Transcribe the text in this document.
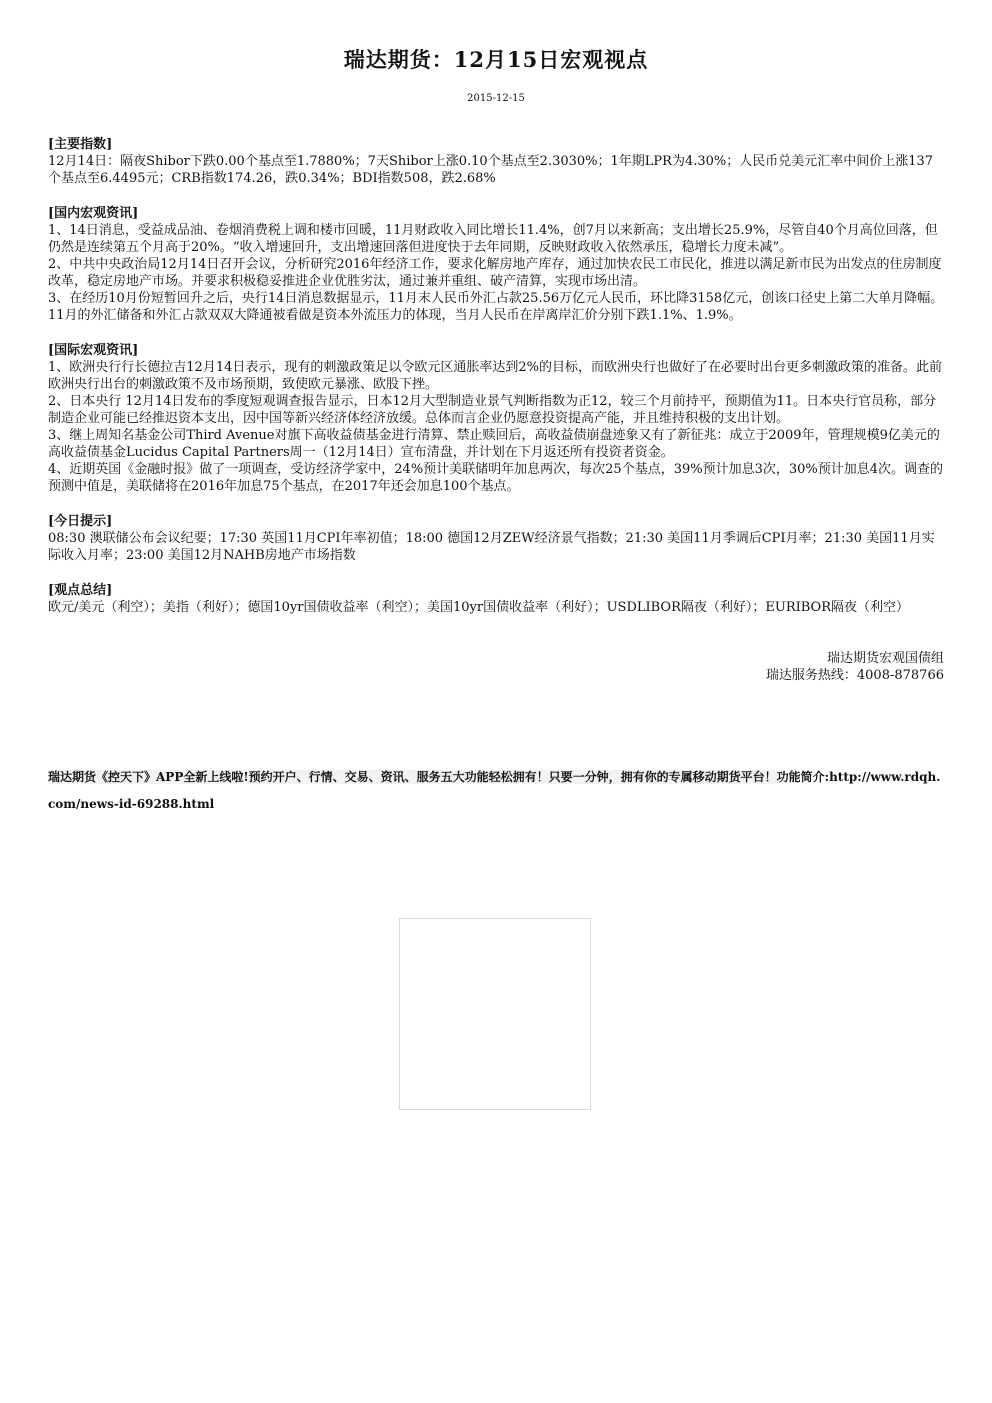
瑞达期货：12月15日宏观视点
2015-12-15
[主要指数]

12月14日：隔夜Shibor下跌0.00个基点至1.7880%；7天Shibor上涨0.10个基点至2.3030%；1年期LPR为4.30%；人民币兑美元汇率中间价上涨137个基点至6.4495元；CRB指数174.26，跌0.34%；BDI指数508，跌2.68%

[国内宏观资讯]

1、14日消息，受益成品油、卷烟消费税上调和楼市回暖，11月财政收入同比增长11.4%，创7月以来新高；支出增长25.9%，尽管自40个月高位回落，但仍然是连续第五个月高于20%。“收入增速回升，支出增速回落但进度快于去年同期，反映财政收入依然承压，稳增长力度未减”。

2、中共中央政治局12月14日召开会议，分析研究2016年经济工作，要求化解房地产库存，通过加快农民工市民化，推进以满足新市民为出发点的住房制度改革，稳定房地产市场。并要求积极稳妥推进企业优胜劣汰，通过兼并重组、破产清算，实现市场出清。

3、在经历10月份短暂回升之后，央行14日消息数据显示，11月末人民币外汇占款25.56万亿元人民币，环比降3158亿元，创该口径史上第二大单月降幅。11月的外汇储备和外汇占款双双大降通被看做是资本外流压力的体现，当月人民币在岸离岸汇价分别下跌1.1%、1.9%。

[国际宏观资讯]

1、欧洲央行行长德拉吉12月14日表示，现有的刺激政策足以令欧元区通胀率达到2%的目标，而欧洲央行也做好了在必要时出台更多刺激政策的准备。此前欧洲央行出台的刺激政策不及市场预期，致使欧元暴涨、欧股下挫。

2、日本央行 12月14日发布的季度短观调查报告显示，日本12月大型制造业景气判断指数为正12，较三个月前持平，预期值为11。日本央行官员称，部分制造企业可能已经推迟资本支出，因中国等新兴经济体经济放缓。总体而言企业仍愿意投资提高产能，并且维持积极的支出计划。

3、继上周知名基金公司Third Avenue对旗下高收益债基金进行清算、禁止赎回后，高收益债崩盘迹象又有了新征兆：成立于2009年，管理规模9亿美元的高收益债基金Lucidus Capital Partners周一（12月14日）宣布清盘，并计划在下月返还所有投资者资金。

4、近期英国《金融时报》做了一项调查，受访经济学家中，24%预计美联储明年加息两次，每次25个基点，39%预计加息3次，30%预计加息4次。调查的预测中值是，美联储将在2016年加息75个基点，在2017年还会加息100个基点。

[今日提示]

08:30 澳联储公布会议纪要；17:30 英国11月CPI年率初值；18:00 德国12月ZEW经济景气指数；21:30 美国11月季调后CPI月率；21:30 美国11月实际收入月率；23:00 美国12月NAHB房地产市场指数

[观点总结]

欧元/美元（利空）；美指（利好）；德国10yr国债收益率（利空）；美国10yr国债收益率（利好）；USDLIBOR隔夜（利好）；EURIBOR隔夜（利空）

瑞达期货宏观国债组
瑞达服务热线：4008-878766
瑞达期货《控天下》APP全新上线啦!预约开户、行情、交易、资讯、服务五大功能轻松拥有！只要一分钟，拥有你的专属移动期货平台！功能简介:http://www.rdqh.com/news-id-69288.html
